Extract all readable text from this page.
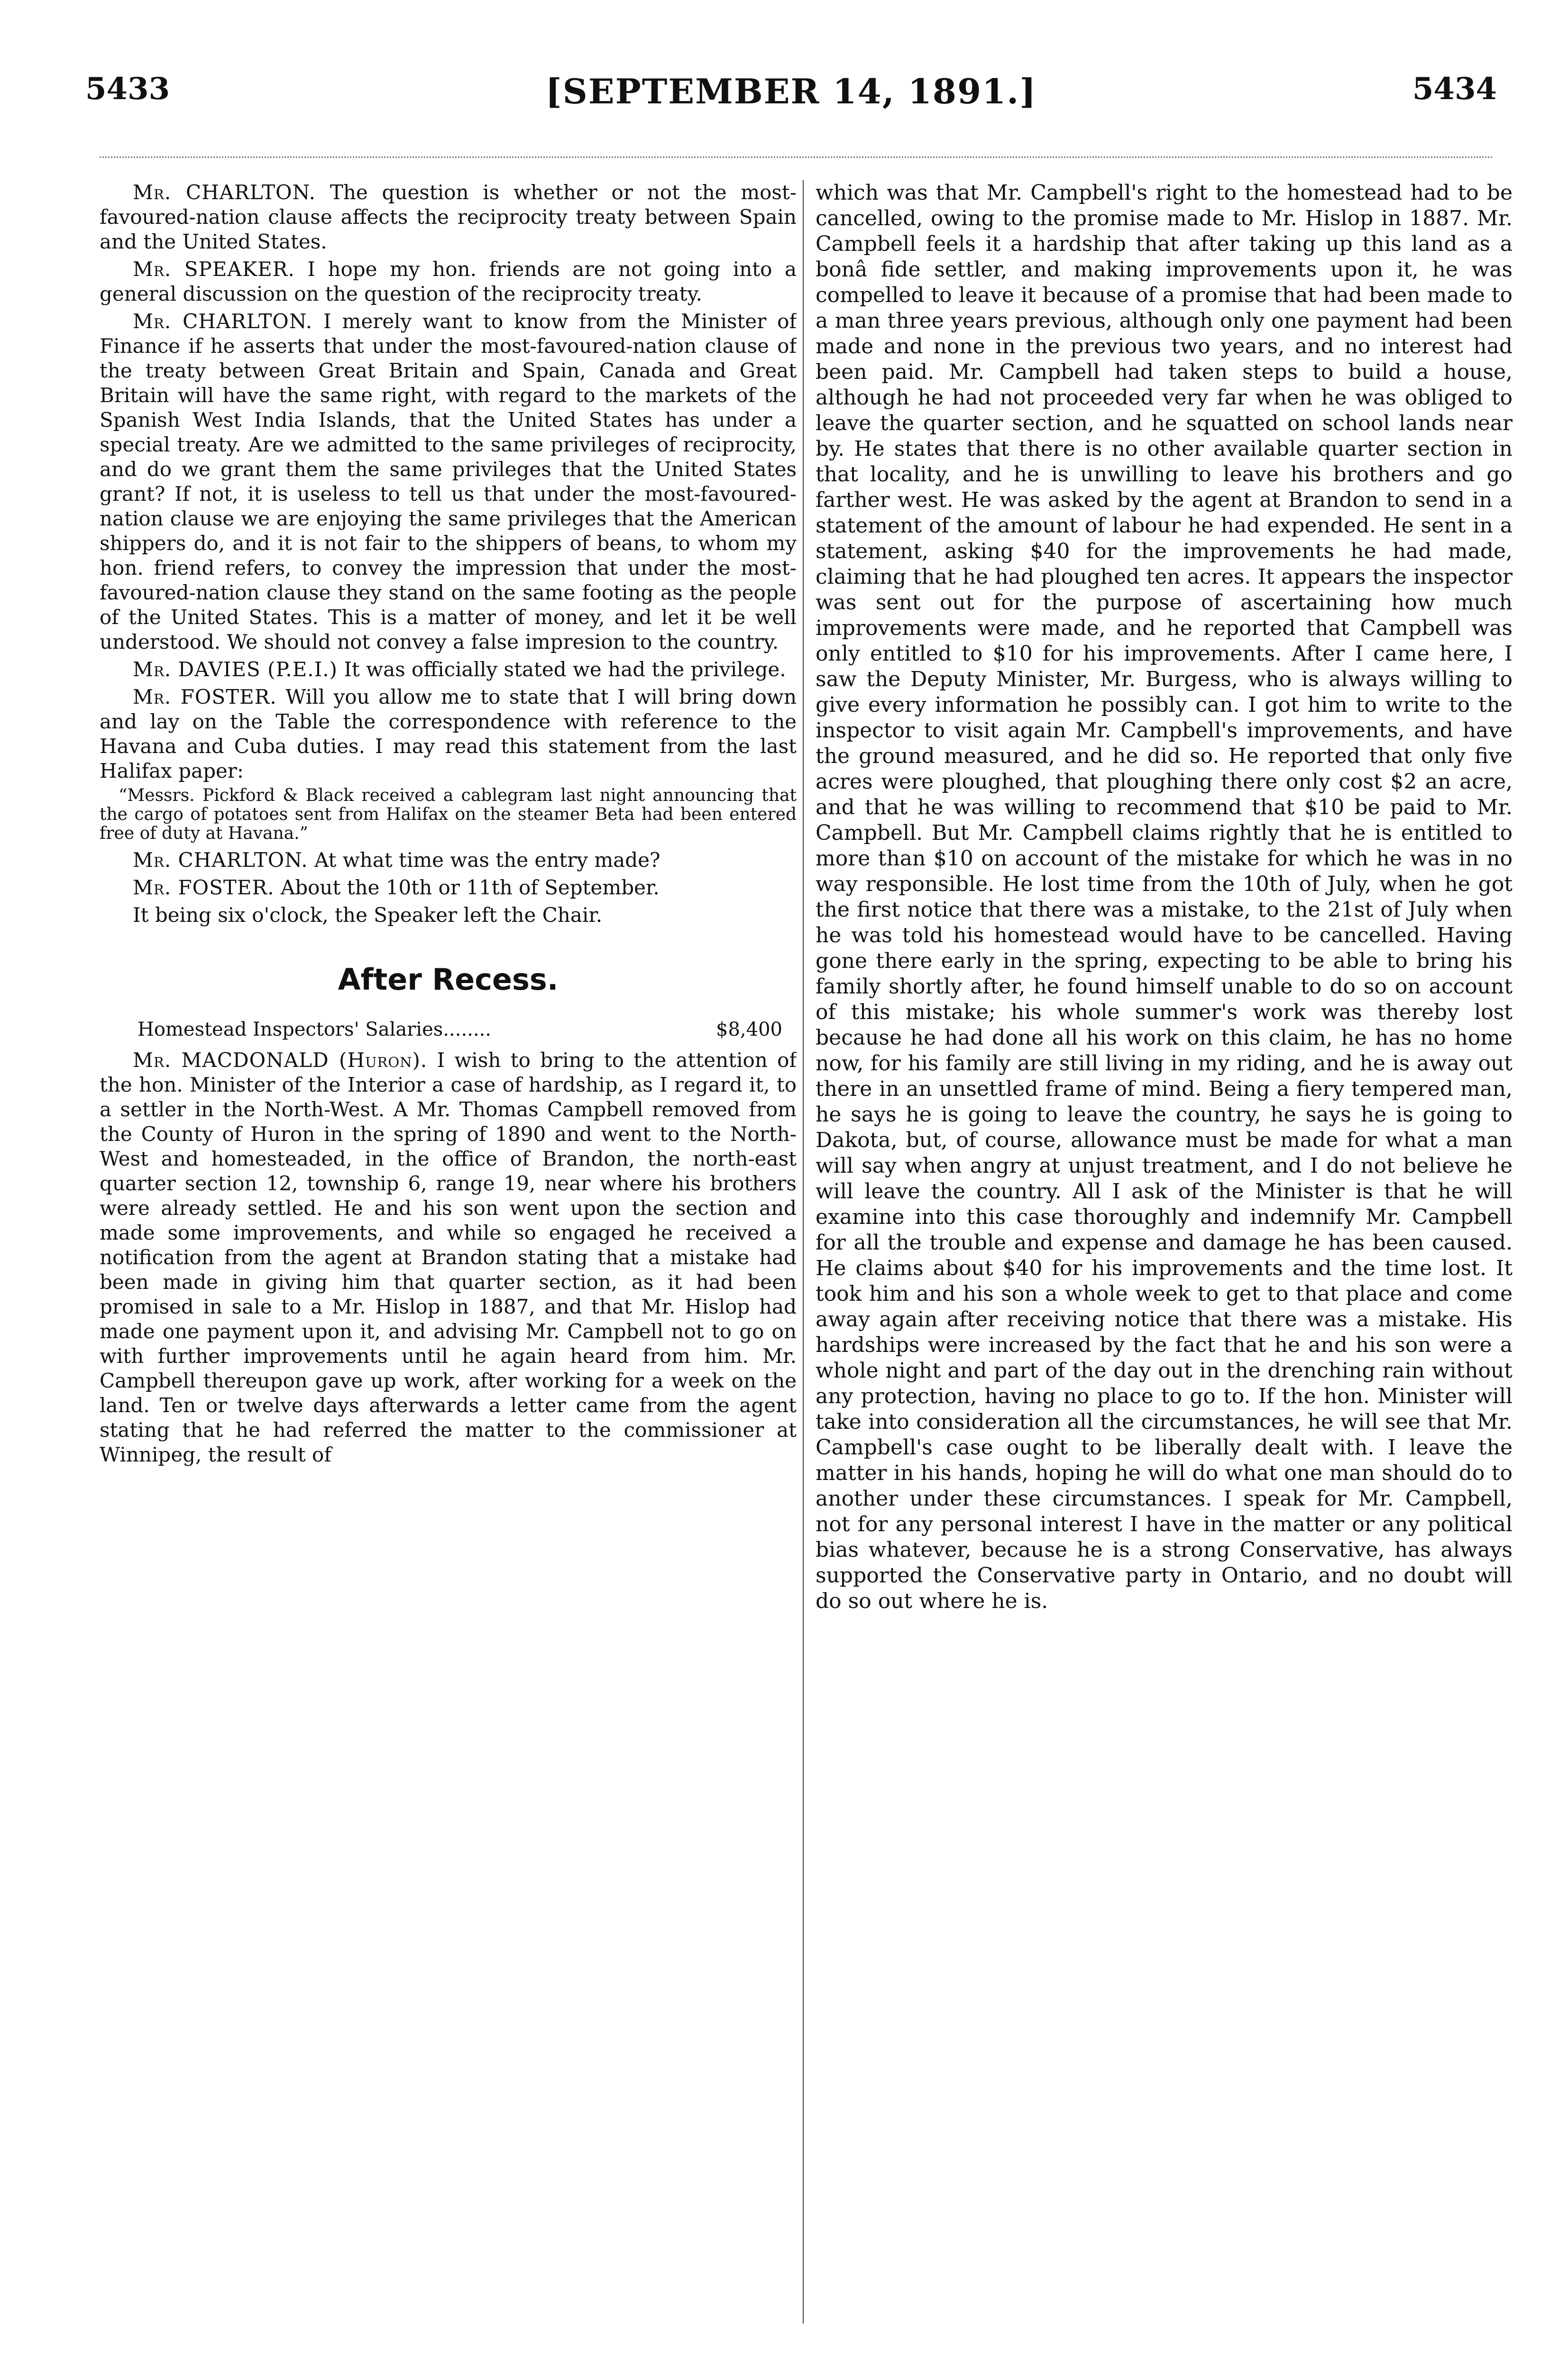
5433	[SEPTEMBER 14, 1891.]	5434

Mr. CHARLTON. The question is whether or not the most-favoured-nation clause affects the reciprocity treaty between Spain and the United States.

Mr. SPEAKER. I hope my hon. friends are not going into a general discussion on the question of the reciprocity treaty.

Mr. CHARLTON. I merely want to know from the Minister of Finance if he asserts that under the most-favoured-nation clause of the treaty between Great Britain and Spain, Canada and Great Britain will have the same right, with regard to the markets of the Spanish West India Islands, that the United States has under a special treaty. Are we admitted to the same privileges of reciprocity, and do we grant them the same privileges that the United States grant? If not, it is useless to tell us that under the most-favoured-nation clause we are enjoying the same privileges that the American shippers do, and it is not fair to the shippers of beans, to whom my hon. friend refers, to convey the impression that under the most-favoured-nation clause they stand on the same footing as the people of the United States. This is a matter of money, and let it be well understood. We should not convey a false impresion to the country.

Mr. DAVIES (P.E.I.) It was officially stated we had the privilege.

Mr. FOSTER. Will you allow me to state that I will bring down and lay on the Table the correspondence with reference to the Havana and Cuba duties. I may read this statement from the last Halifax paper:

“Messrs. Pickford & Black received a cablegram last night announcing that the cargo of potatoes sent from Halifax on the steamer Beta had been entered free of duty at Havana.”

Mr. CHARLTON. At what time was the entry made?

Mr. FOSTER. About the 10th or 11th of September.

It being six o'clock, the Speaker left the Chair.

After Recess.
Homestead Inspectors' Salaries........	$8,400

Mr. MACDONALD (Huron). I wish to bring to the attention of the hon. Minister of the Interior a case of hardship, as I regard it, to a settler in the North-West. A Mr. Thomas Campbell removed from the County of Huron in the spring of 1890 and went to the North-West and homesteaded, in the office of Brandon, the north-east quarter section 12, township 6, range 19, near where his brothers were already settled. He and his son went upon the section and made some improvements, and while so engaged he received a notification from the agent at Brandon stating that a mistake had been made in giving him that quarter section, as it had been promised in sale to a Mr. Hislop in 1887, and that Mr. Hislop had made one payment upon it, and advising Mr. Campbell not to go on with further improvements until he again heard from him. Mr. Campbell thereupon gave up work, after working for a week on the land. Ten or twelve days afterwards a letter came from the agent stating that he had referred the matter to the commissioner at Winnipeg, the result of

which was that Mr. Campbell's right to the homestead had to be cancelled, owing to the promise made to Mr. Hislop in 1887. Mr. Campbell feels it a hardship that after taking up this land as a bonâ fide settler, and making improvements upon it, he was compelled to leave it because of a promise that had been made to a man three years previous, although only one payment had been made and none in the previous two years, and no interest had been paid. Mr. Campbell had taken steps to build a house, although he had not proceeded very far when he was obliged to leave the quarter section, and he squatted on school lands near by. He states that there is no other available quarter section in that locality, and he is unwilling to leave his brothers and go farther west. He was asked by the agent at Brandon to send in a statement of the amount of labour he had expended. He sent in a statement, asking $40 for the improvements he had made, claiming that he had ploughed ten acres. It appears the inspector was sent out for the purpose of ascertaining how much improvements were made, and he reported that Campbell was only entitled to $10 for his improvements. After I came here, I saw the Deputy Minister, Mr. Burgess, who is always willing to give every information he possibly can. I got him to write to the inspector to visit again Mr. Campbell's improvements, and have the ground measured, and he did so. He reported that only five acres were ploughed, that ploughing there only cost $2 an acre, and that he was willing to recommend that $10 be paid to Mr. Campbell. But Mr. Campbell claims rightly that he is entitled to more than $10 on account of the mistake for which he was in no way responsible. He lost time from the 10th of July, when he got the first notice that there was a mistake, to the 21st of July when he was told his homestead would have to be cancelled. Having gone there early in the spring, expecting to be able to bring his family shortly after, he found himself unable to do so on account of this mistake; his whole summer's work was thereby lost because he had done all his work on this claim, he has no home now, for his family are still living in my riding, and he is away out there in an unsettled frame of mind. Being a fiery tempered man, he says he is going to leave the country, he says he is going to Dakota, but, of course, allowance must be made for what a man will say when angry at unjust treatment, and I do not believe he will leave the country. All I ask of the Minister is that he will examine into this case thoroughly and indemnify Mr. Campbell for all the trouble and expense and damage he has been caused. He claims about $40 for his improvements and the time lost. It took him and his son a whole week to get to that place and come away again after receiving notice that there was a mistake. His hardships were increased by the fact that he and his son were a whole night and part of the day out in the drenching rain without any protection, having no place to go to. If the hon. Minister will take into consideration all the circumstances, he will see that Mr. Campbell's case ought to be liberally dealt with. I leave the matter in his hands, hoping he will do what one man should do to another under these circumstances. I speak for Mr. Campbell, not for any personal interest I have in the matter or any political bias whatever, because he is a strong Conservative, has always supported the Conservative party in Ontario, and no doubt will do so out where he is.
